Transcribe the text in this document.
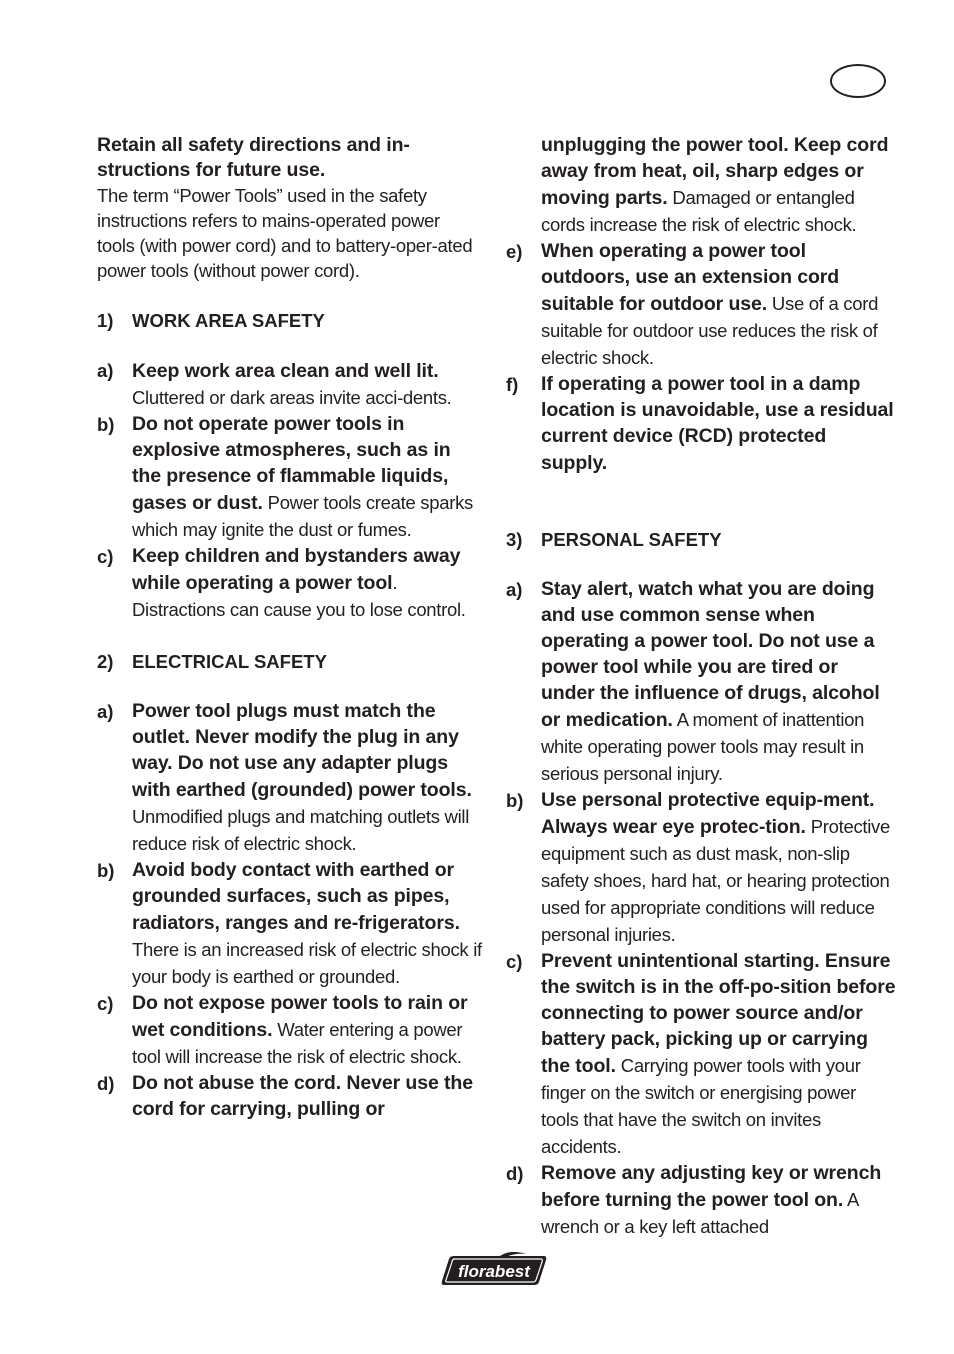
Retain all safety directions and in-structions for future use.

The term “Power Tools” used in the safety instructions refers to mains-operated power tools (with power cord) and to battery-oper-ated power tools (without power cord).

1)	WORK AREA SAFETY
a) Keep work area clean and well lit. Cluttered or dark areas invite acci-dents.
b) Do not operate power tools in explosive atmospheres, such as in the presence of flammable liquids, gases or dust. Power tools create sparks which may ignite the dust or fumes.
c) Keep children and bystanders away while operating a power tool. Distractions can cause you to lose control.
2)	ELECTRICAL SAFETY
a) Power tool plugs must match the outlet. Never modify the plug in any way. Do not use any adapter plugs with earthed (grounded) power tools. Unmodified plugs and matching outlets will reduce risk of electric shock.
b) Avoid body contact with earthed or grounded surfaces, such as pipes, radiators, ranges and re-frigerators. There is an increased risk of electric shock if your body is earthed or grounded.
c) Do not expose power tools to rain or wet conditions. Water entering a power tool will increase the risk of electric shock.
d) Do not abuse the cord. Never use the cord for carrying, pulling or
unplugging the power tool. Keep cord away from heat, oil, sharp edges or moving parts. Damaged or entangled cords increase the risk of electric shock.
e) When operating a power tool outdoors, use an extension cord suitable for outdoor use. Use of a cord suitable for outdoor use reduces the risk of electric shock.
f)	If operating a power tool in a damp location is unavoidable, use a residual current device (RCD) protected supply.
3)	PERSONAL SAFETY
a) Stay alert, watch what you are doing and use common sense when operating a power tool. Do not use a power tool while you are tired or under the influence of drugs, alcohol or medication. A moment of inattention white operating power tools may result in serious personal injury.
b) Use personal protective equip-ment. Always wear eye protec-tion. Protective equipment such as dust mask, non-slip safety shoes, hard hat, or hearing protection used for appropriate conditions will reduce personal injuries.
c) Prevent unintentional starting. Ensure the switch is in the off-po-sition before connecting to power source and/or battery pack, picking up or carrying the tool. Carrying power tools with your finger on the switch or energising power tools that have the switch on invites accidents.
d) Remove any adjusting key or wrench before turning the power tool on. A wrench or a key left attached
florabest
